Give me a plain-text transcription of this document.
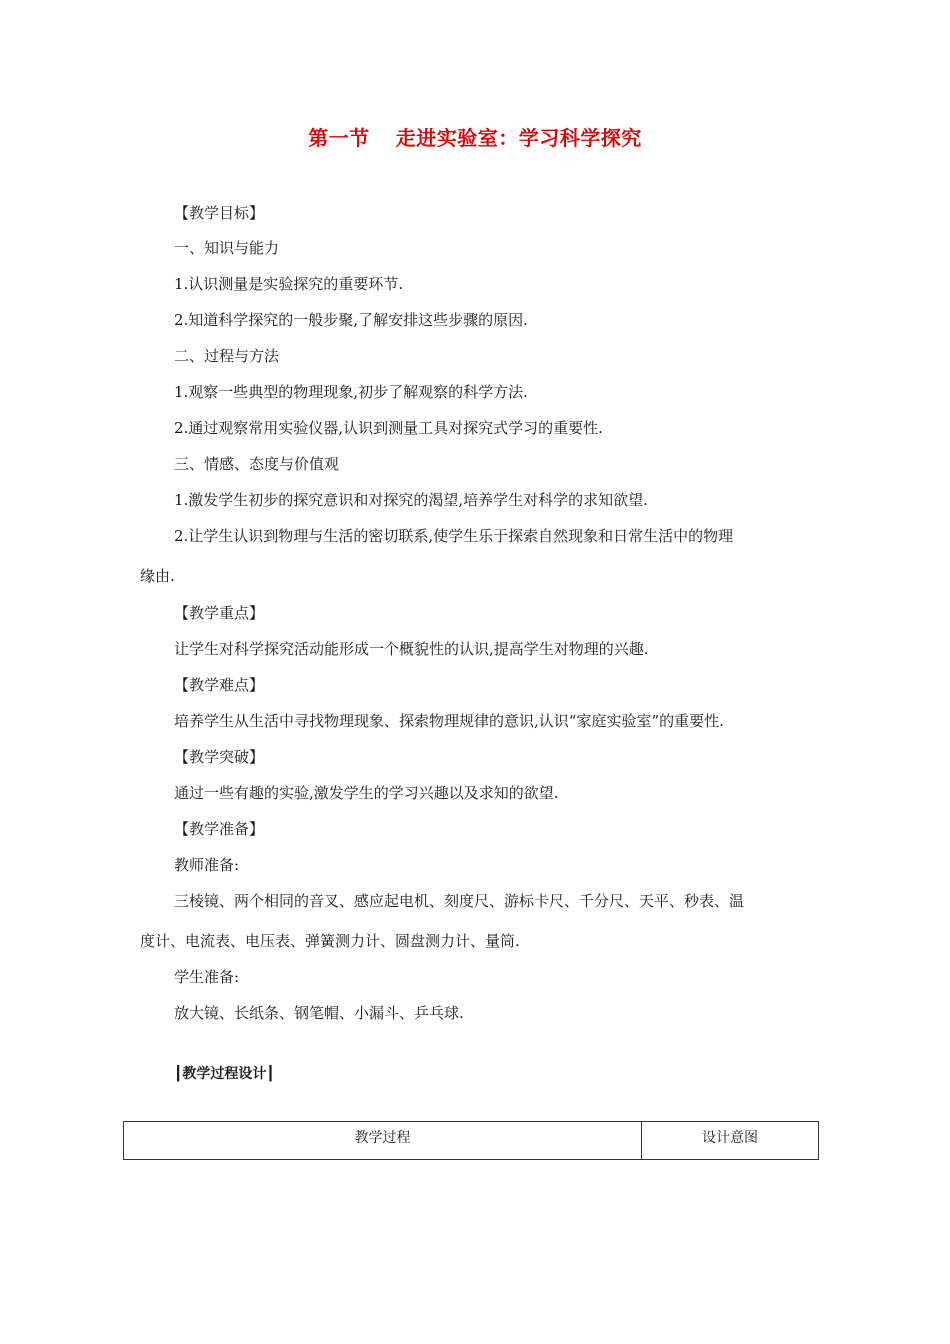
第一节 走进实验室：学习科学探究
【教学目标】
一、知识与能力
1.认识测量是实验探究的重要环节.
2.知道科学探究的一般步聚,了解安排这些步骤的原因.
二、过程与方法
1.观察一些典型的物理现象,初步了解观察的科学方法.
2.通过观察常用实验仪器,认识到测量工具对探究式学习的重要性.
三、情感、态度与价值观
1.激发学生初步的探究意识和对探究的渴望,培养学生对科学的求知欲望.
2.让学生认识到物理与生活的密切联系,使学生乐于探索自然现象和日常生活中的物理
缘由.
【教学重点】
让学生对科学探究活动能形成一个概貌性的认识,提高学生对物理的兴趣.
【教学难点】
培养学生从生活中寻找物理现象、探索物理规律的意识,认识“家庭实验室”的重要性.
【教学突破】
通过一些有趣的实验,激发学生的学习兴趣以及求知的欲望.
【教学准备】
教师准备:
三棱镜、两个相同的音叉、感应起电机、刻度尺、游标卡尺、千分尺、天平、秒表、温
度计、电流表、电压表、弹簧测力计、圆盘测力计、量筒.
学生准备:
放大镜、长纸条、钢笔帽、小漏斗、乒乓球.
┃教学过程设计┃
教学过程	设计意图
